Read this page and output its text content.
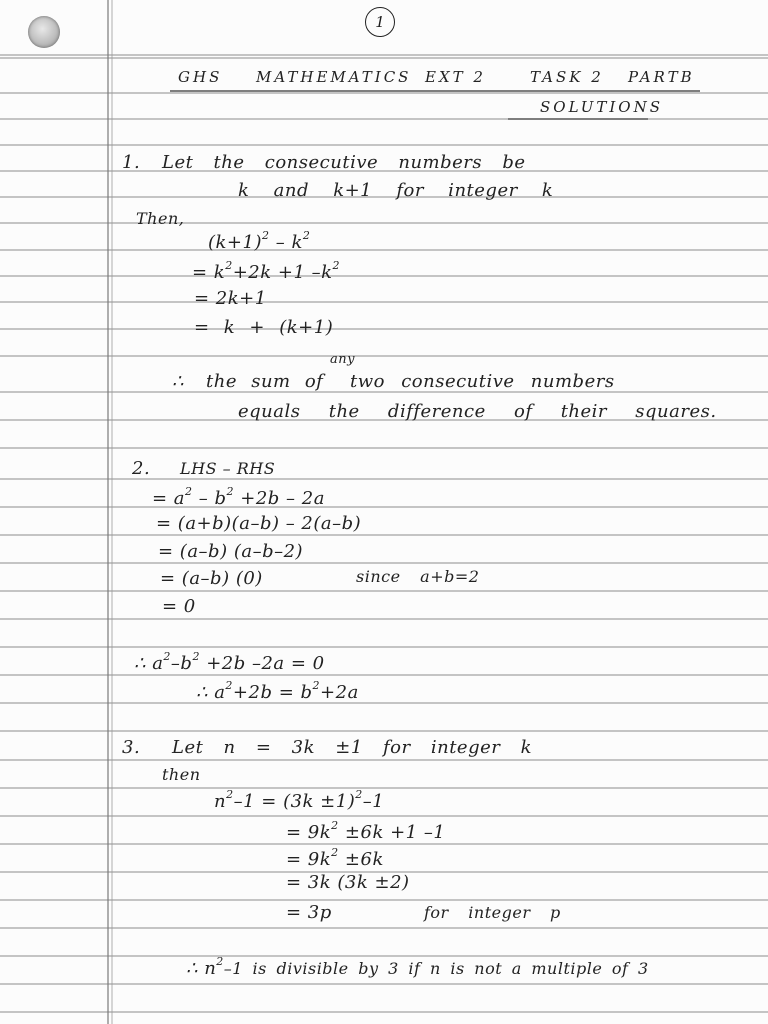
1
GHS MATHEMATICS EXT 2	TASK 2 PARTB
SOLUTIONS
1. Let the consecutive numbers be
k and k+1 for integer k
Then,
$(k+1)^2 - k^2$
= $k^2+2k +1$ $-k^2$
= 2k+1
= k + (k+1)
∴ the sum of
any
two consecutive numbers
equals the difference of their squares.
2. LHS – RHS
= $a^2 - b^2 +2b - 2a$
= (a+b)(a–b) – 2(a–b)
= (a–b) (a–b–2)
= (a–b) (0)	since a+b=2
= 0
∴ $a^2-b^2 +2b$ –2a = 0
∴ $a^2+2b = b^2+2a$
3. Let n = 3k ±1 for integer k
then
$n^2-1 = (3k \pm 1)^2-1$
= $9k^2 \pm 6k +1$ –1
= $9k^2 \pm 6k$
= 3k (3k ±2)
= 3p	for integer p
∴ $n^2-1$ is divisible by 3 if n is not a multiple of 3
